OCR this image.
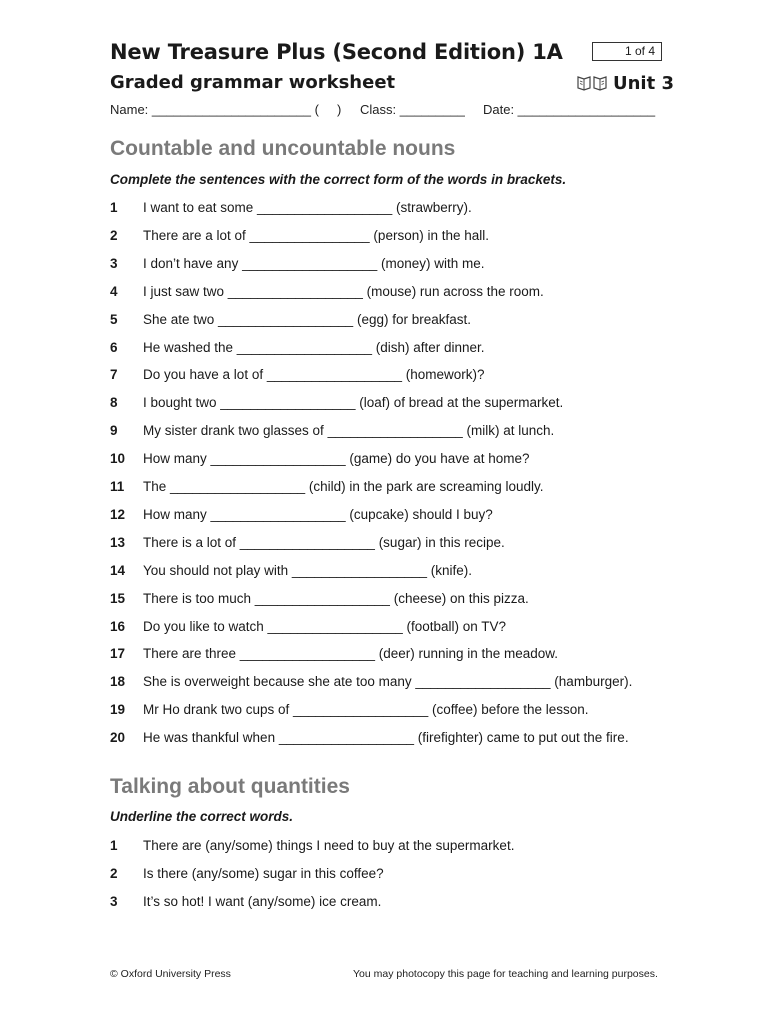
New Treasure Plus (Second Edition) 1A
Graded grammar worksheet
1 of 4
Unit 3
Name: ______________________ (     ) Class: _________ Date: ___________________
Countable and uncountable nouns
Complete the sentences with the correct form of the words in brackets.
1	I want to eat some __________________ (strawberry).
2	There are a lot of ________________ (person) in the hall.
3	I don’t have any __________________ (money) with me.
4	I just saw two __________________ (mouse) run across the room.
5	She ate two __________________ (egg) for breakfast.
6	He washed the __________________ (dish) after dinner.
7	Do you have a lot of __________________ (homework)?
8	I bought two __________________ (loaf) of bread at the supermarket.
9	My sister drank two glasses of __________________ (milk) at lunch.
10	How many __________________ (game) do you have at home?
11	The __________________ (child) in the park are screaming loudly.
12	How many __________________ (cupcake) should I buy?
13	There is a lot of __________________ (sugar) in this recipe.
14	You should not play with __________________ (knife).
15	There is too much __________________ (cheese) on this pizza.
16	Do you like to watch __________________ (football) on TV?
17	There are three __________________ (deer) running in the meadow.
18	She is overweight because she ate too many __________________ (hamburger).
19	Mr Ho drank two cups of __________________ (coffee) before the lesson.
20	He was thankful when __________________ (firefighter) came to put out the fire.
Talking about quantities
Underline the correct words.
1	There are (any/some) things I need to buy at the supermarket.
2	Is there (any/some) sugar in this coffee?
3	It’s so hot! I want (any/some) ice cream.
© Oxford University Press	You may photocopy this page for teaching and learning purposes.
